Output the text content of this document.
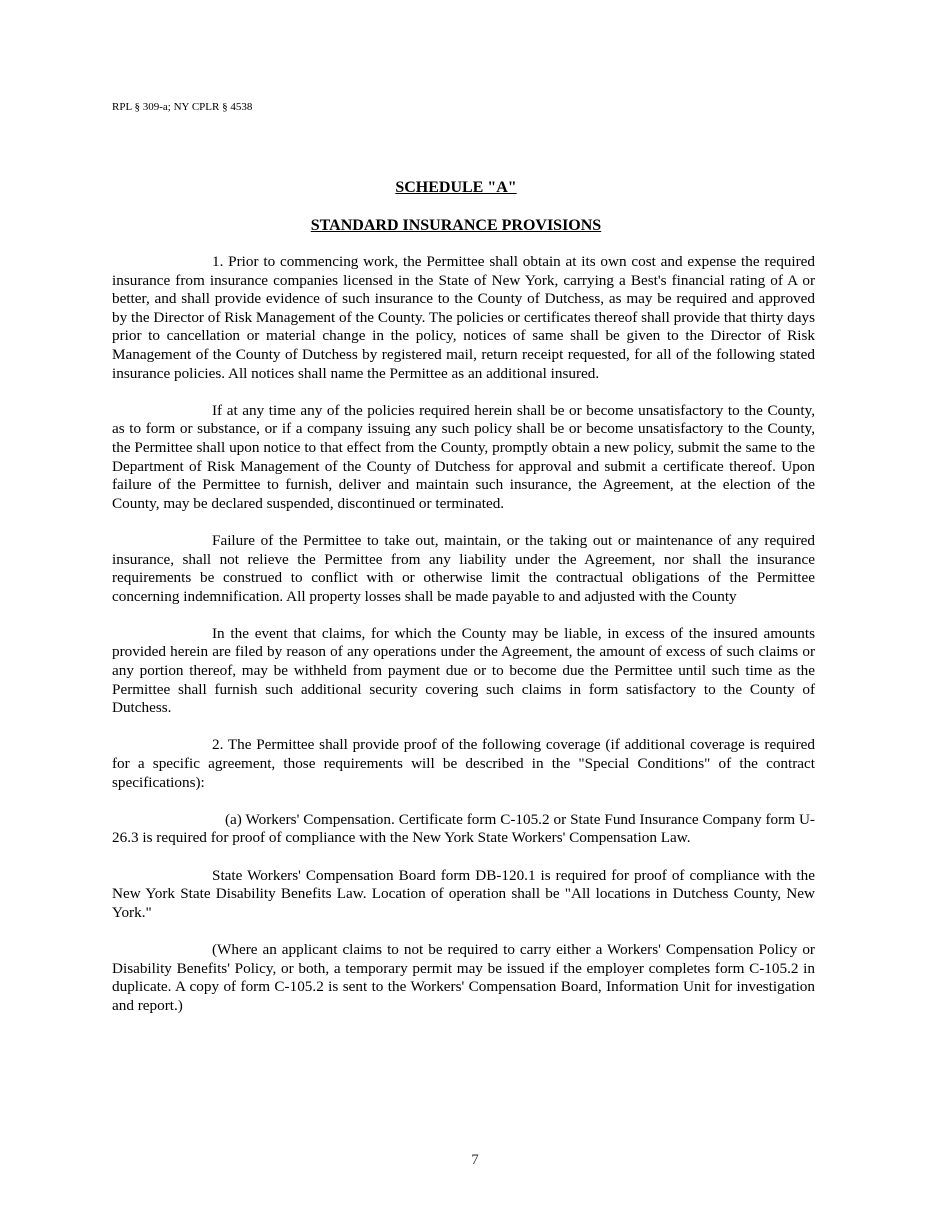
RPL § 309-a; NY CPLR § 4538
SCHEDULE "A"
STANDARD INSURANCE PROVISIONS

1. Prior to commencing work, the Permittee shall obtain at its own cost and expense the required insurance from insurance companies licensed in the State of New York, carrying a Best's financial rating of A or better, and shall provide evidence of such insurance to the County of Dutchess, as may be required and approved by the Director of Risk Management of the County. The policies or certificates thereof shall provide that thirty days prior to cancellation or material change in the policy, notices of same shall be given to the Director of Risk Management of the County of Dutchess by registered mail, return receipt requested, for all of the following stated insurance policies. All notices shall name the Permittee as an additional insured.

If at any time any of the policies required herein shall be or become unsatisfactory to the County, as to form or substance, or if a company issuing any such policy shall be or become unsatisfactory to the County, the Permittee shall upon notice to that effect from the County, promptly obtain a new policy, submit the same to the Department of Risk Management of the County of Dutchess for approval and submit a certificate thereof. Upon failure of the Permittee to furnish, deliver and maintain such insurance, the Agreement, at the election of the County, may be declared suspended, discontinued or terminated.

Failure of the Permittee to take out, maintain, or the taking out or maintenance of any required insurance, shall not relieve the Permittee from any liability under the Agreement, nor shall the insurance requirements be construed to conflict with or otherwise limit the contractual obligations of the Permittee concerning indemnification. All property losses shall be made payable to and adjusted with the County

In the event that claims, for which the County may be liable, in excess of the insured amounts provided herein are filed by reason of any operations under the Agreement, the amount of excess of such claims or any portion thereof, may be withheld from payment due or to become due the Permittee until such time as the Permittee shall furnish such additional security covering such claims in form satisfactory to the County of Dutchess.

2. The Permittee shall provide proof of the following coverage (if additional coverage is required for a specific agreement, those requirements will be described in the "Special Conditions" of the contract specifications):

(a) Workers' Compensation. Certificate form C-105.2 or State Fund Insurance Company form U-26.3 is required for proof of compliance with the New York State Workers' Compensation Law.

State Workers' Compensation Board form DB-120.1 is required for proof of compliance with the New York State Disability Benefits Law. Location of operation shall be "All locations in Dutchess County, New York."

(Where an applicant claims to not be required to carry either a Workers' Compensation Policy or Disability Benefits' Policy, or both, a temporary permit may be issued if the employer completes form C-105.2 in duplicate. A copy of form C-105.2 is sent to the Workers' Compensation Board, Information Unit for investigation and report.)

7
